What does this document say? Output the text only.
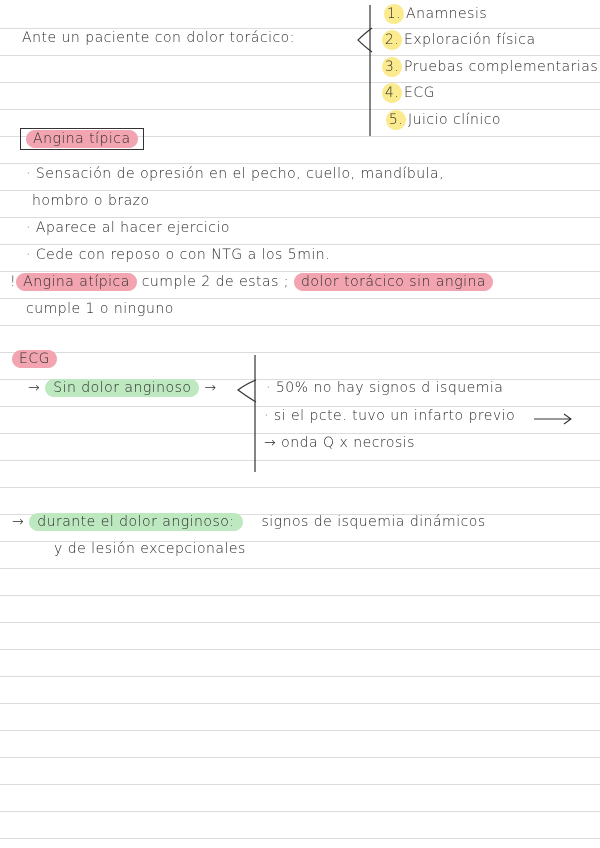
Ante un paciente con dolor torácico:
1. Anamnesis
2. Exploración física
3. Pruebas complementarias
4. ECG
5. Juicio clínico
Angina típica
· Sensación de opresión en el pecho, cuello, mandíbula,
hombro o brazo
· Aparece al hacer ejercicio
· Cede con reposo o con NTG a los 5min.
! Angina atípica cumple 2 de estas ; dolor torácico sin angina
cumple 1 o ninguno
ECG
→ Sin dolor anginoso →	· 50% no hay signos d isquemia
· si el pcte. tuvo un infarto previo
→ onda Q x necrosis
→ durante el dolor anginoso: signos de isquemia dinámicos
y de lesión excepcionales
